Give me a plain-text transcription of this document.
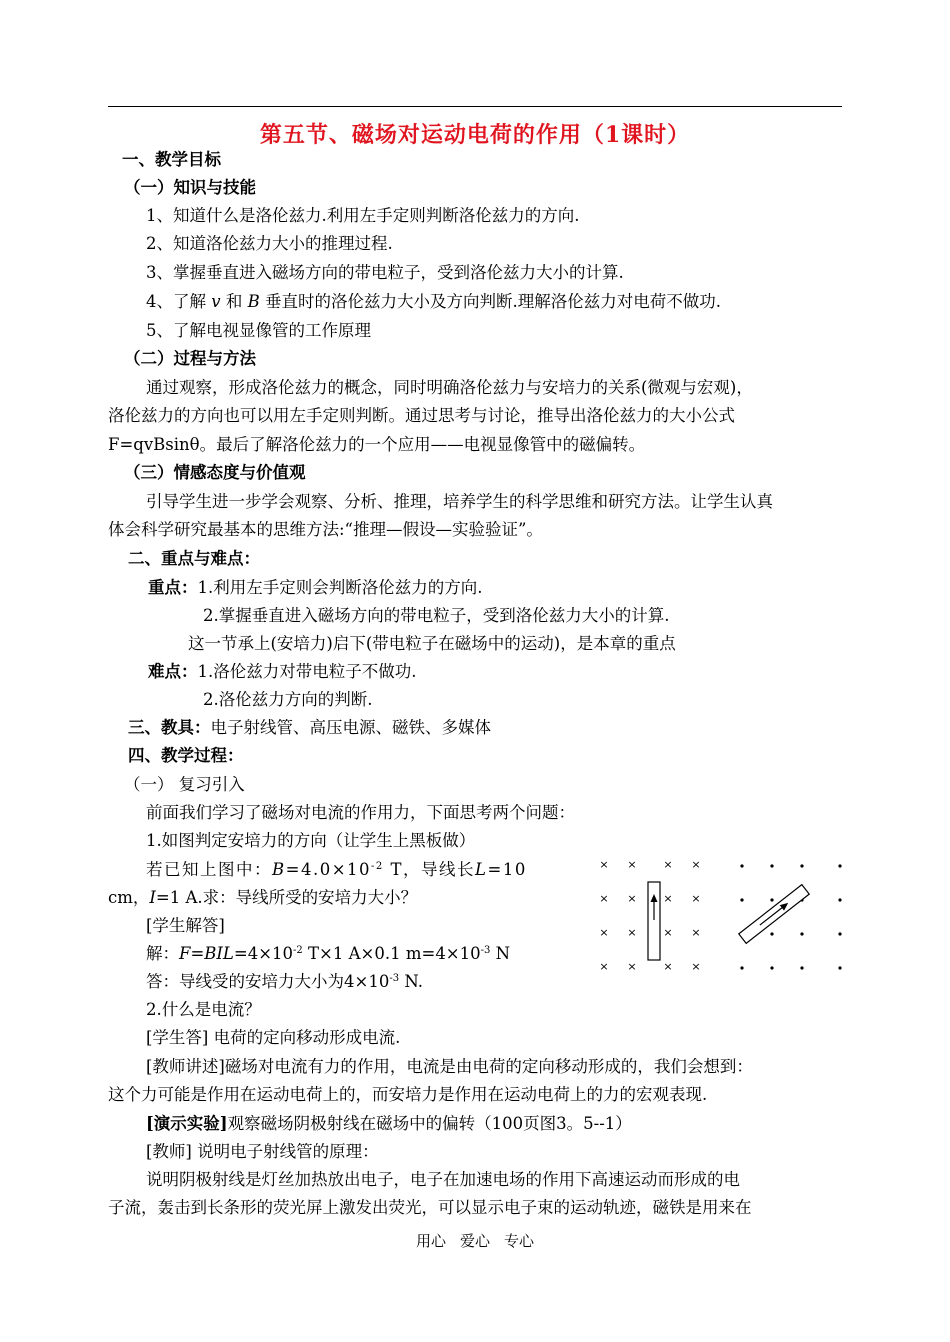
第五节、磁场对运动电荷的作用（1课时）
一、教学目标
（一）知识与技能
1、知道什么是洛伦兹力.利用左手定则判断洛伦兹力的方向.
2、知道洛伦兹力大小的推理过程.
3、掌握垂直进入磁场方向的带电粒子，受到洛伦兹力大小的计算.
4、了解 v 和 B 垂直时的洛伦兹力大小及方向判断.理解洛伦兹力对电荷不做功.
5、了解电视显像管的工作原理
（二）过程与方法
通过观察，形成洛伦兹力的概念，同时明确洛伦兹力与安培力的关系(微观与宏观)，
洛伦兹力的方向也可以用左手定则判断。通过思考与讨论，推导出洛伦兹力的大小公式
F=qvBsinθ。最后了解洛伦兹力的一个应用——电视显像管中的磁偏转。
（三）情感态度与价值观
引导学生进一步学会观察、分析、推理，培养学生的科学思维和研究方法。让学生认真
体会科学研究最基本的思维方法:“推理—假设—实验验证”。
二、重点与难点：
重点：1.利用左手定则会判断洛伦兹力的方向.
2.掌握垂直进入磁场方向的带电粒子，受到洛伦兹力大小的计算.
这一节承上(安培力)启下(带电粒子在磁场中的运动)，是本章的重点
难点：1.洛伦兹力对带电粒子不做功.
2.洛伦兹力方向的判断.
三、教具：电子射线管、高压电源、磁铁、多媒体
四、教学过程：
（一） 复习引入
前面我们学习了磁场对电流的作用力，下面思考两个问题：
1.如图判定安培力的方向（让学生上黑板做）
若已知上图中：$B=4.0\times 10^{-2}$ T，导线长L=10
cm，I=1 A.求：导线所受的安培力大小？
[学生解答]
解：$F=BIL=4\times 10^{-2}$ T×1 A×0.1 $m=4\times 10^{-3}$ N
答：导线受的安培力大小为$4\times 10^{-3}$ N.
2.什么是电流？
[学生答] 电荷的定向移动形成电流.
[教师讲述]磁场对电流有力的作用，电流是由电荷的定向移动形成的，我们会想到：
这个力可能是作用在运动电荷上的，而安培力是作用在运动电荷上的力的宏观表现.
[演示实验]观察磁场阴极射线在磁场中的偏转（100页图3。5--1）
[教师] 说明电子射线管的原理：
说明阴极射线是灯丝加热放出电子，电子在加速电场的作用下高速运动而形成的电
子流，轰击到长条形的荧光屏上激发出荧光，可以显示电子束的运动轨迹，磁铁是用来在
× × × ×
× × × ×
× × × ×
× × × ×
用心 爱心 专心
